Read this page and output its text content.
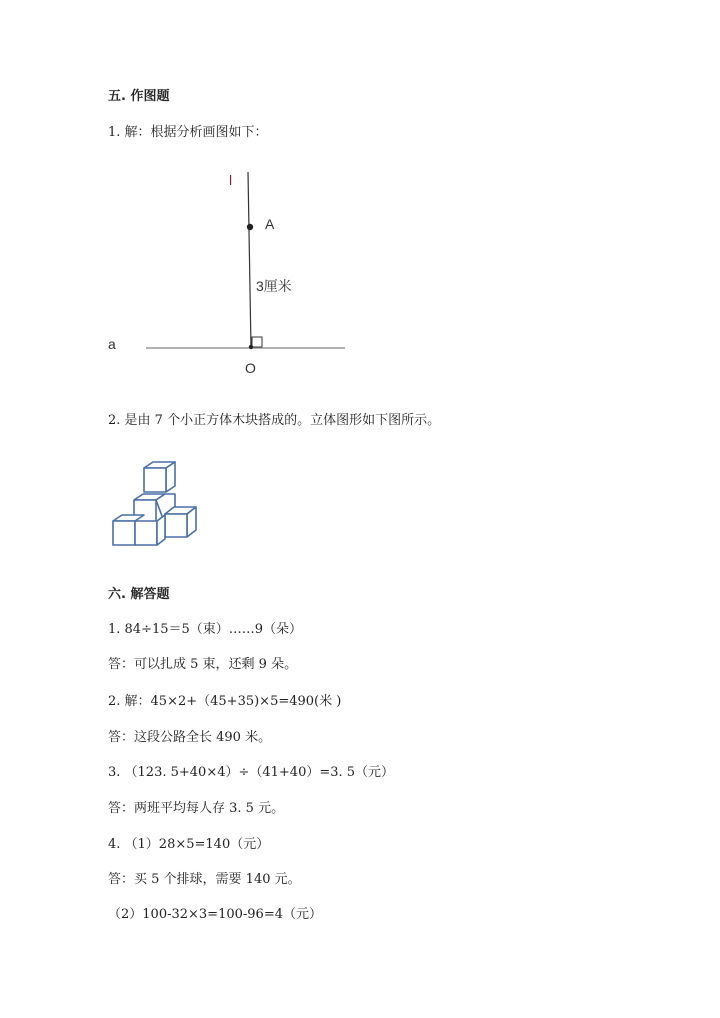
五. 作图题
1. 解：根据分析画图如下：
l
A
3厘米
a
O
2. 是由 7 个小正方体木块搭成的。立体图形如下图所示。
六. 解答题
1. 84÷15＝5（束）……9（朵）
答：可以扎成 5 束，还剩 9 朵。
2. 解：45×2+（45+35)×5=490(米 )
答：这段公路全长 490 米。
3. （123. 5+40×4）÷（41+40）=3. 5（元）
答：两班平均每人存 3. 5 元。
4. （1）28×5=140（元）
答：买 5 个排球，需要 140 元。
（2）100-32×3=100-96=4（元）
